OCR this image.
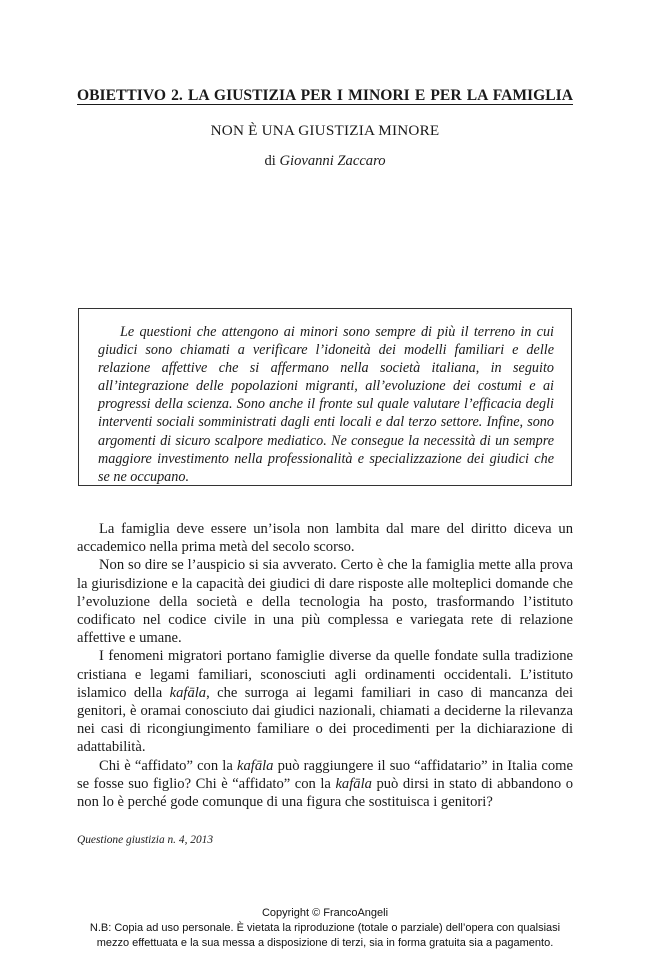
OBIETTIVO 2. LA GIUSTIZIA PER I MINORI E PER LA FAMIGLIA
NON È UNA GIUSTIZIA MINORE
di Giovanni Zaccaro

Le questioni che attengono ai minori sono sempre di più il terreno in cui giudici sono chiamati a verificare l’idoneità dei modelli familiari e delle relazione affettive che si affermano nella società italiana, in seguito all’integrazione delle popolazioni migranti, all’evoluzione dei costumi e ai progressi della scienza. Sono anche il fronte sul quale valutare l’efficacia degli interventi sociali somministrati dagli enti locali e dal terzo settore. Infine, sono argomenti di sicuro scalpore mediatico. Ne consegue la necessità di un sempre maggiore investimento nella professionalità e specializzazione dei giudici che se ne occupano.

La famiglia deve essere un’isola non lambita dal mare del diritto diceva un accademico nella prima metà del secolo scorso.

Non so dire se l’auspicio si sia avverato. Certo è che la famiglia mette alla prova la giurisdizione e la capacità dei giudici di dare risposte alle molteplici domande che l’evoluzione della società e della tecnologia ha posto, trasformando l’istituto codificato nel codice civile in una più complessa e variegata rete di relazione affettive e umane.

I fenomeni migratori portano famiglie diverse da quelle fondate sulla tradizione cristiana e legami familiari, sconosciuti agli ordinamenti occidentali. L’istituto islamico della kafāla, che surroga ai legami familiari in caso di mancanza dei genitori, è oramai conosciuto dai giudici nazionali, chiamati a deciderne la rilevanza nei casi di ricongiungimento familiare o dei procedimenti per la dichiarazione di adattabilità.

Chi è “affidato” con la kafāla può raggiungere il suo “affidatario” in Italia come se fosse suo figlio? Chi è “affidato” con la kafāla può dirsi in stato di abbandono o non lo è perché gode comunque di una figura che sostituisca i genitori?

Questione giustizia n. 4, 2013
Copyright © FrancoAngeli
N.B: Copia ad uso personale. È vietata la riproduzione (totale o parziale) dell’opera con qualsiasi
mezzo effettuata e la sua messa a disposizione di terzi, sia in forma gratuita sia a pagamento.
